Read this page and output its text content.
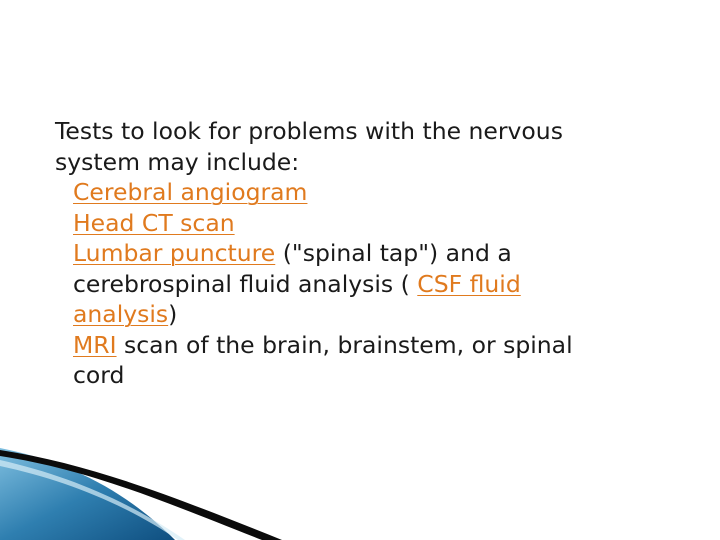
Tests to look for problems with the nervous
system may include:
Cerebral angiogram
Head CT scan
Lumbar puncture ("spinal tap") and a
cerebrospinal fluid analysis ( CSF fluid
analysis)
MRI scan of the brain, brainstem, or spinal
cord
